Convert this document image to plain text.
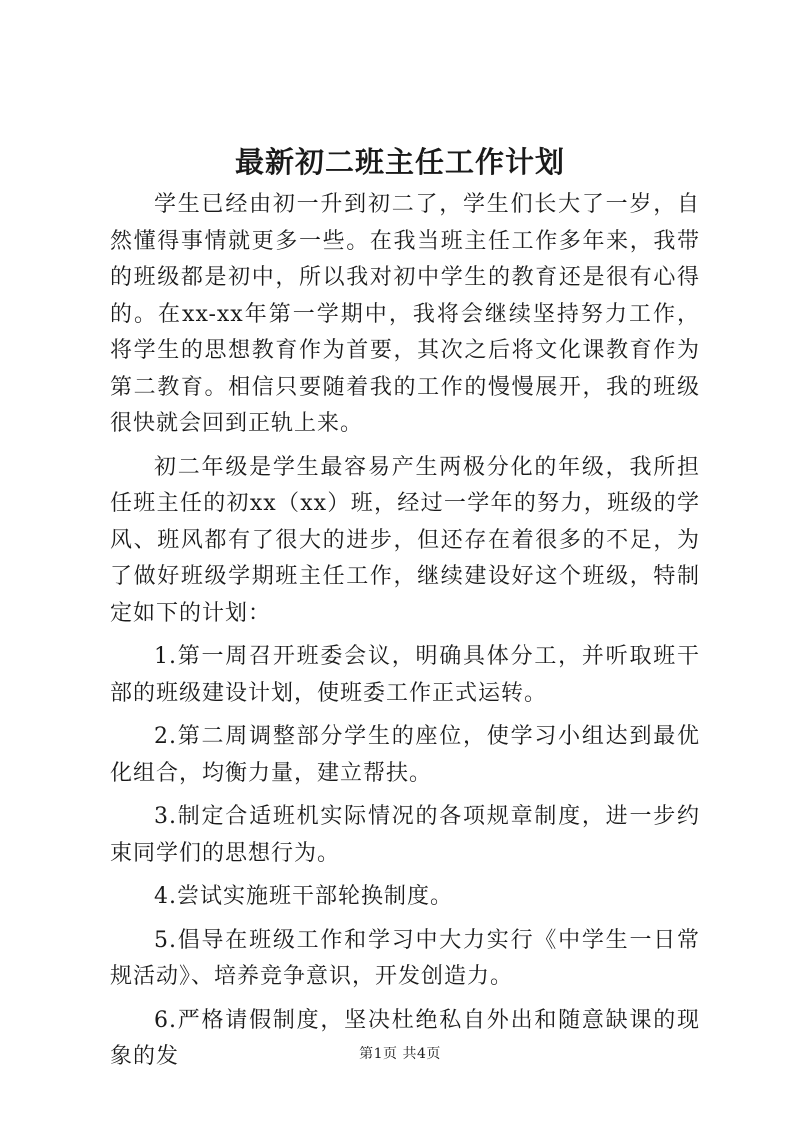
最新初二班主任工作计划

学生已经由初一升到初二了，学生们长大了一岁，自然懂得事情就更多一些。在我当班主任工作多年来，我带的班级都是初中，所以我对初中学生的教育还是很有心得的。在xx-xx年第一学期中，我将会继续坚持努力工作，将学生的思想教育作为首要，其次之后将文化课教育作为第二教育。相信只要随着我的工作的慢慢展开，我的班级很快就会回到正轨上来。

初二年级是学生最容易产生两极分化的年级，我所担任班主任的初xx（xx）班，经过一学年的努力，班级的学风、班风都有了很大的进步，但还存在着很多的不足，为了做好班级学期班主任工作，继续建设好这个班级，特制定如下的计划：

1.第一周召开班委会议，明确具体分工，并听取班干部的班级建设计划，使班委工作正式运转。

2.第二周调整部分学生的座位，使学习小组达到最优化组合，均衡力量，建立帮扶。

3.制定合适班机实际情况的各项规章制度，进一步约束同学们的思想行为。

4.尝试实施班干部轮换制度。

5.倡导在班级工作和学习中大力实行《中学生一日常规活动》、培养竞争意识，开发创造力。

6.严格请假制度，坚决杜绝私自外出和随意缺课的现象的发	第1页 共4页
